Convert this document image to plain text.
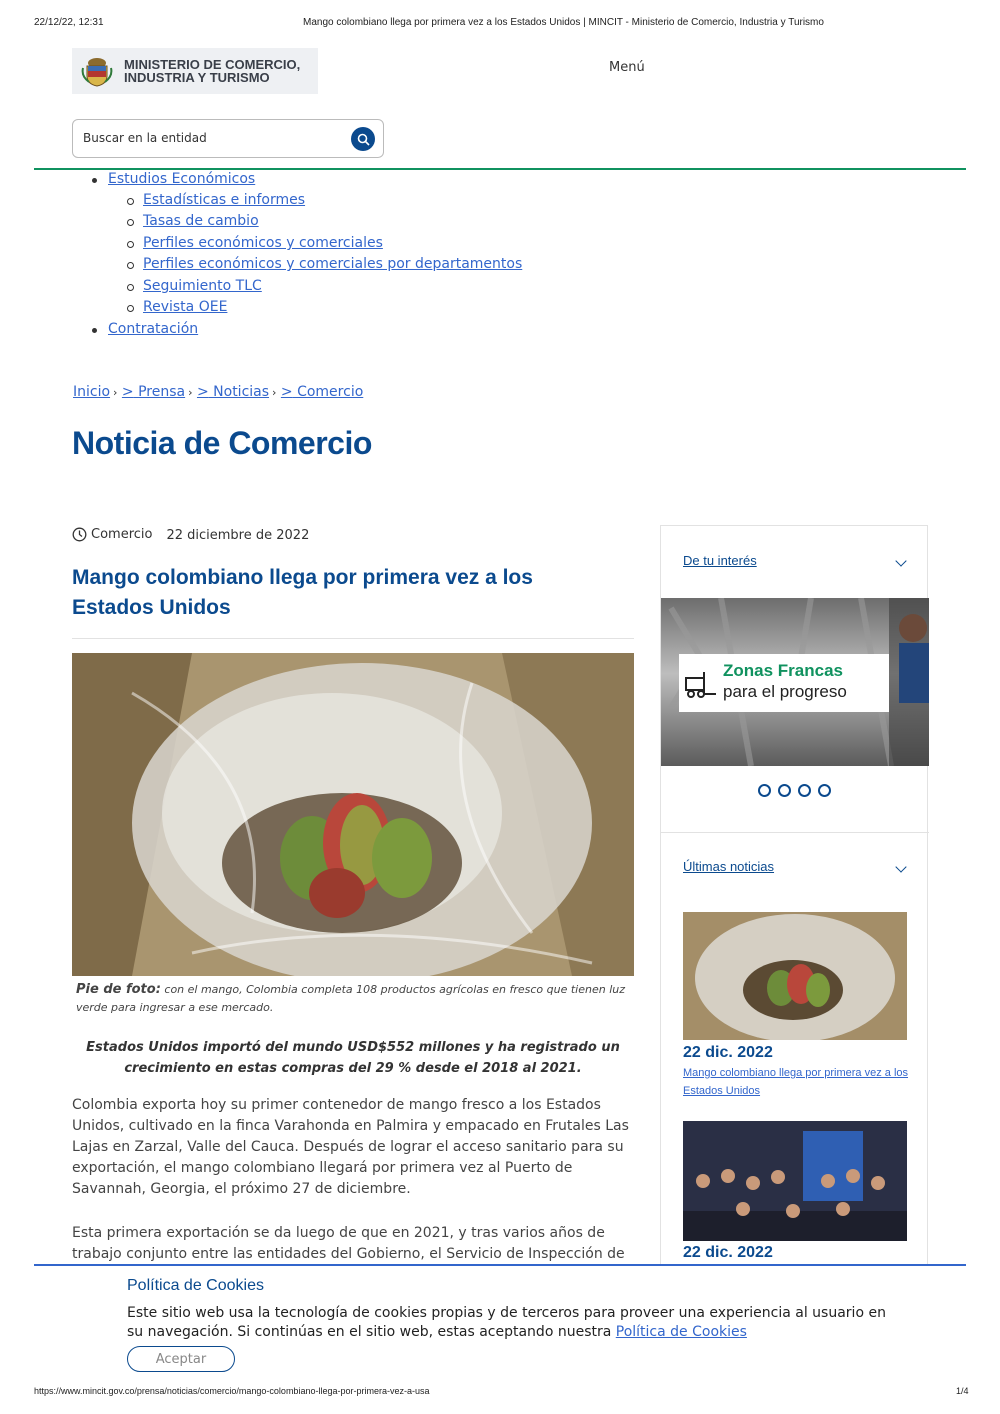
22/12/22, 12:31	Mango colombiano llega por primera vez a los Estados Unidos | MINCIT - Ministerio de Comercio, Industria y Turismo
MINISTERIO DE COMERCIO,
INDUSTRIA Y TURISMO
Menú
Buscar en la entidad
Estudios Económicos
Estadísticas e informes
Tasas de cambio
Perfiles económicos y comerciales
Perfiles económicos y comerciales por departamentos
Seguimiento TLC
Revista OEE
Contratación
Inicio › > Prensa › > Noticias › > Comercio
Noticia de Comercio
Comercio 22 diciembre de 2022
Mango colombiano llega por primera vez a los Estados Unidos

Pie de foto: con el mango, Colombia completa 108 productos agrícolas en fresco que tienen luz verde para ingresar a ese mercado.

Estados Unidos importó del mundo USD$552 millones y ha registrado un crecimiento en estas compras del 29 % desde el 2018 al 2021.

Colombia exporta hoy su primer contenedor de mango fresco a los Estados Unidos, cultivado en la finca Varahonda en Palmira y empacado en Frutales Las Lajas en Zarzal, Valle del Cauca. Después de lograr el acceso sanitario para su exportación, el mango colombiano llegará por primera vez al Puerto de Savannah, Georgia, el próximo 27 de diciembre.

Esta primera exportación se da luego de que en 2021, y tras varios años de trabajo conjunto entre las entidades del Gobierno, el Servicio de Inspección de

De tu interés
Zonas Francas
para el progreso
Últimas noticias
22 dic. 2022
Mango colombiano llega por primera vez a los Estados Unidos
22 dic. 2022
Política de Cookies

Este sitio web usa la tecnología de cookies propias y de terceros para proveer una experiencia al usuario en su navegación. Si continúas en el sitio web, estas aceptando nuestra Política de Cookies

Aceptar
https://www.mincit.gov.co/prensa/noticias/comercio/mango-colombiano-llega-por-primera-vez-a-usa	1/4
